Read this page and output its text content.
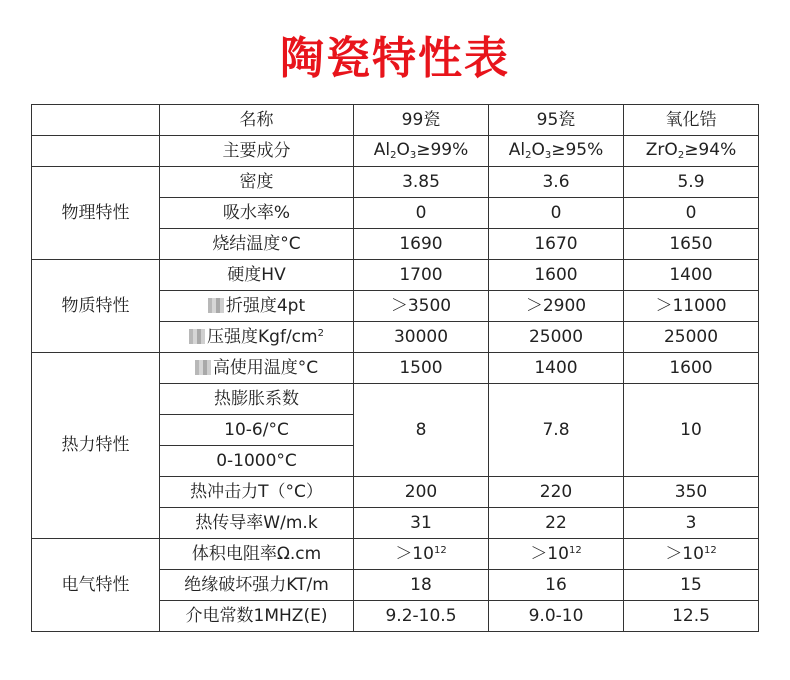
陶瓷特性表
	名称	99瓷	95瓷	氧化锆
	主要成分	$Al_2O_3\ge 99\%$	$Al_2O_3\ge 95\%$	ZrO$_2$≥94%
物理特性	密度	3.85	3.6	5.9
	吸水率%	0	0	0
	烧结温度°C	1690	1670	1650
物质特性	硬度HV	1700	1600	1400
	折强度4pt	＞3500	＞2900	＞11000
	压强度Kgf/$cm^2$	30000	25000	25000
热力特性	高使用温度°C	1500	1400	1600
	热膨胀系数	8	7.8	10
	10-6/°C			
	0-1000°C			
	热冲击力T（°C）	200	220	350
	热传导率W/m.k	31	22	3
电气特性	体积电阻率Ω.cm	$>10^{12}$	$>10^{12}$	$>10^{12}$
	绝缘破坏强力KT/m	18	16	15
	介电常数1MHZ(E)	9.2-10.5	9.0-10	12.5
